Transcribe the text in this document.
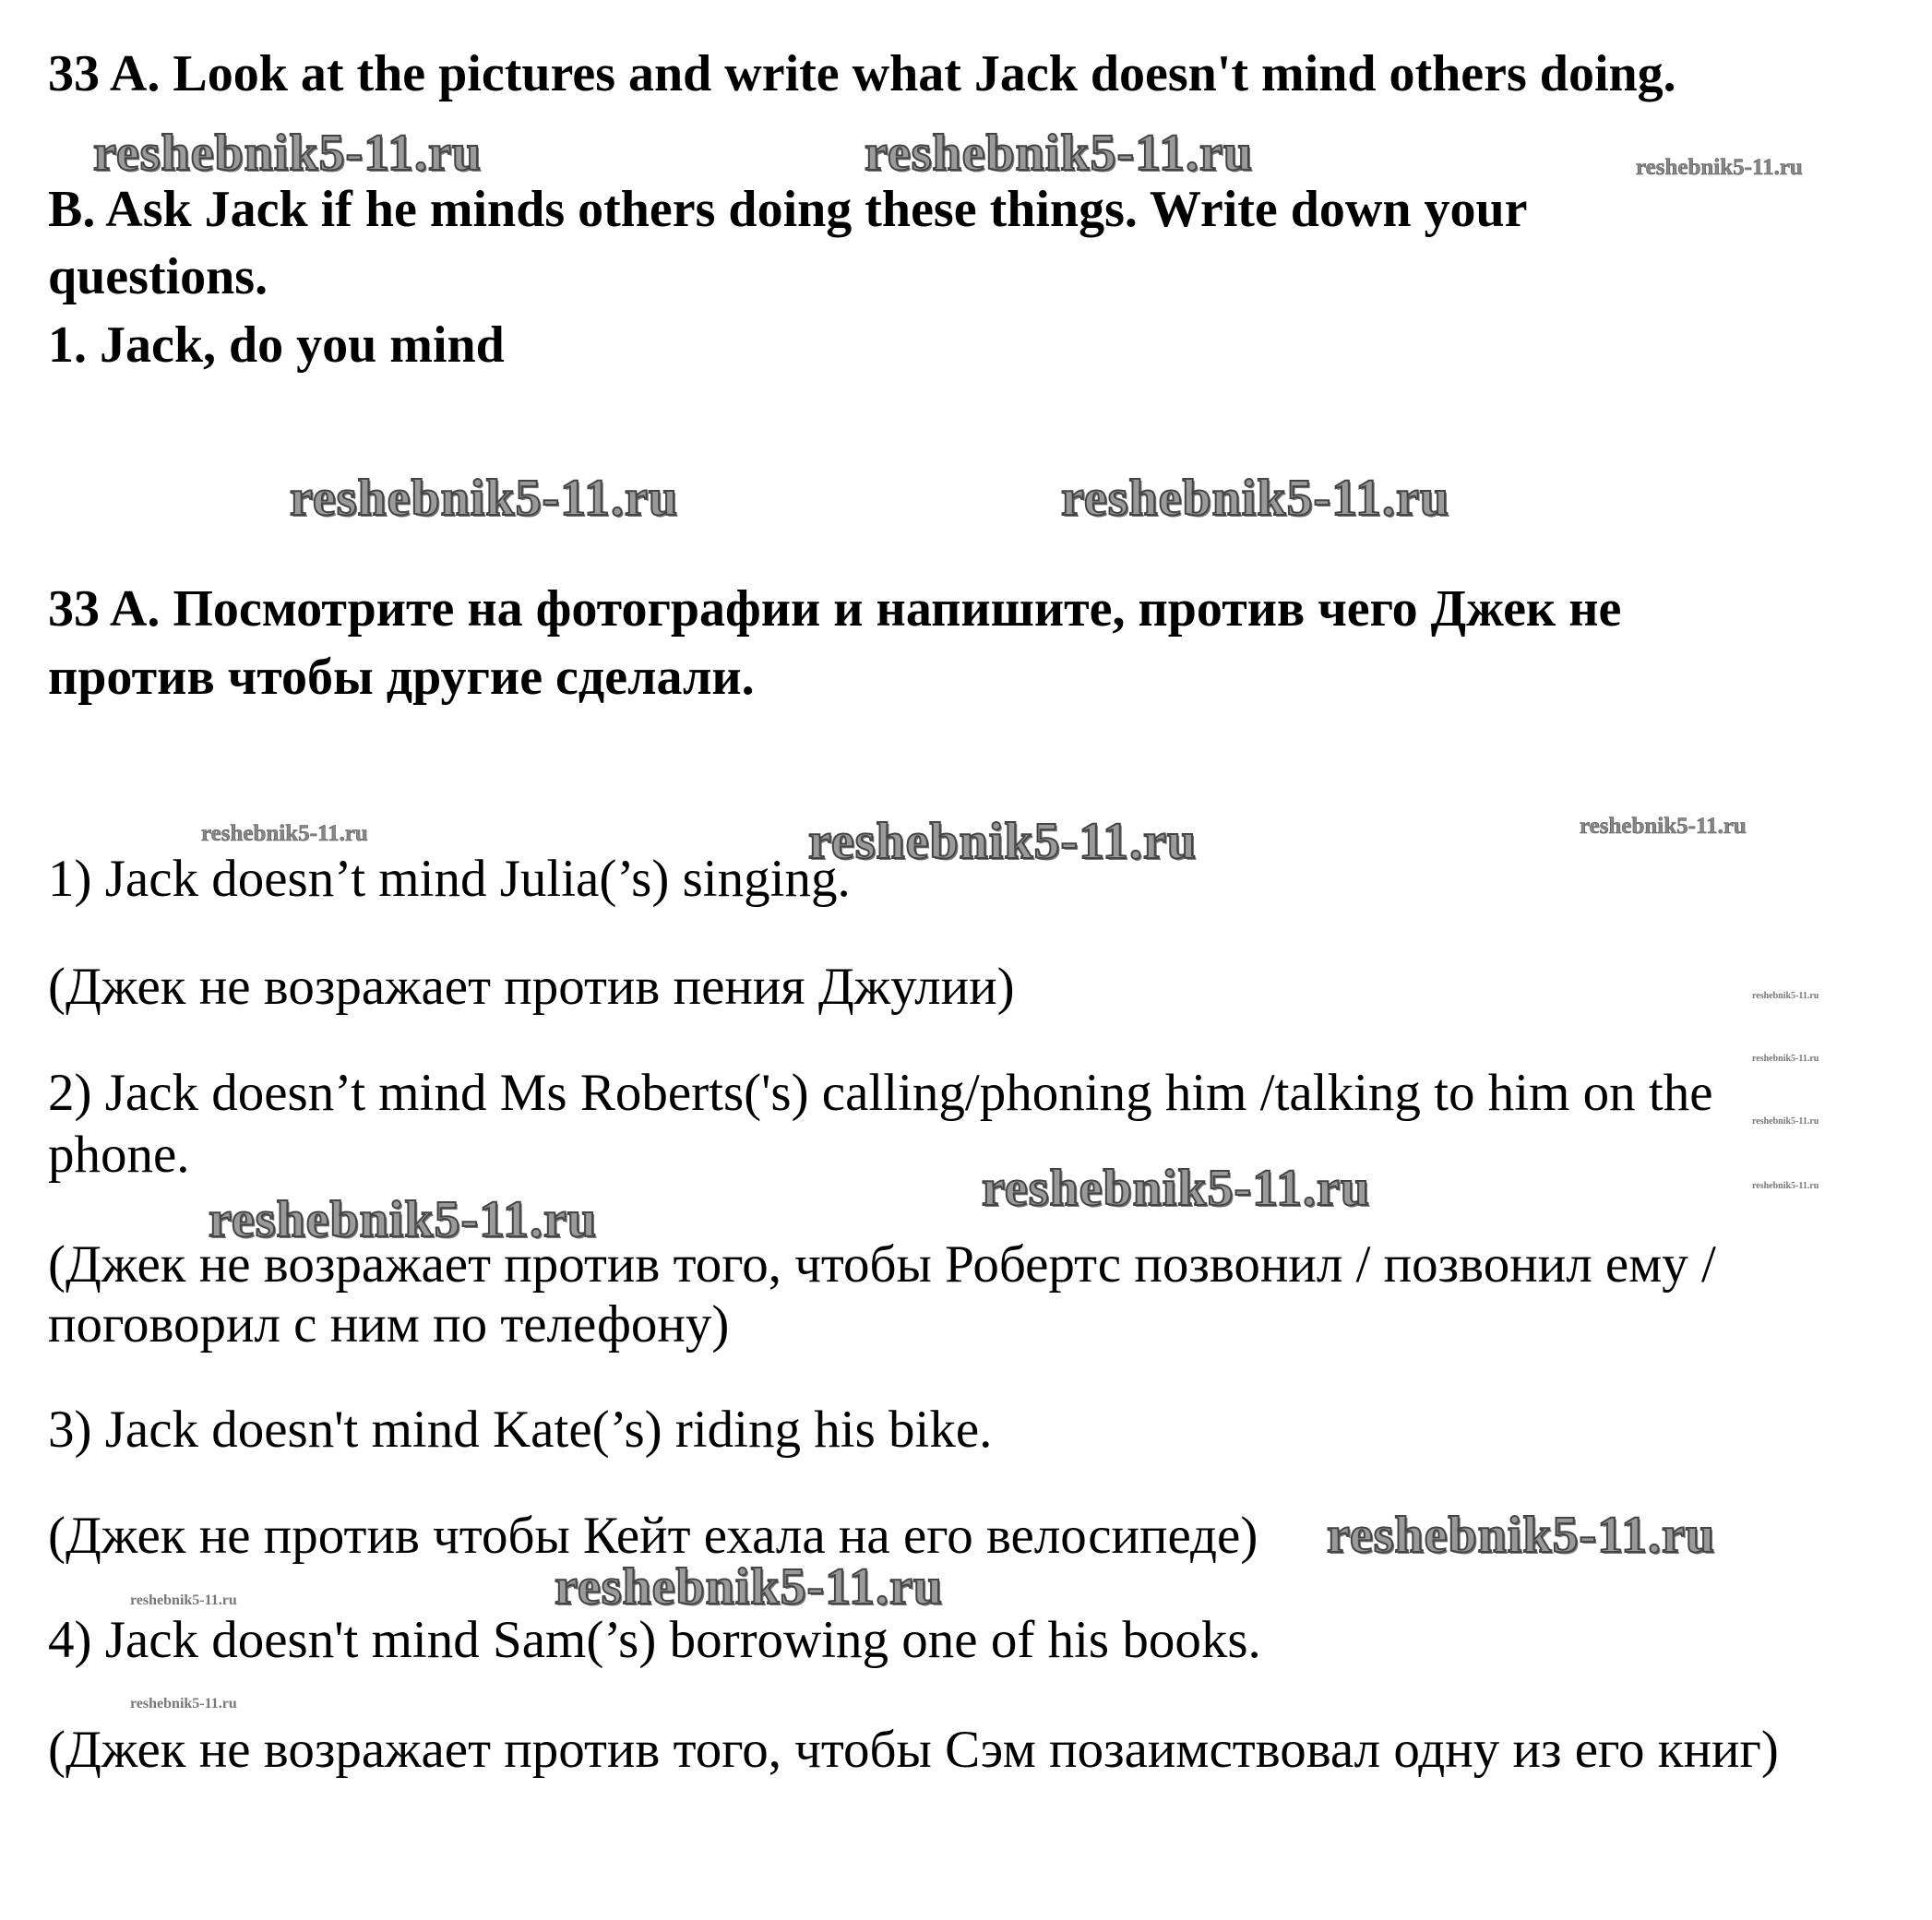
33 A. Look at the pictures and write what Jack doesn't mind others doing.
B. Ask Jack if he minds others doing these things. Write down your
questions.
1. Jack, do you mind
33 A. Посмотрите на фотографии и напишите, против чего Джек не
против чтобы другие сделали.
1) Jack doesn’t mind Julia(’s) singing.
(Джек не возражает против пения Джулии)
2) Jack doesn’t mind Ms Roberts('s) calling/phoning him /talking to him on the
phone.
(Джек не возражает против того, чтобы Робертс позвонил / позвонил ему /
поговорил с ним по телефону)
3) Jack doesn't mind Kate(’s) riding his bike.
(Джек не против чтобы Кейт ехала на его велосипеде)
4) Jack doesn't mind Sam(’s) borrowing one of his books.
(Джек не возражает против того, чтобы Сэм позаимствовал одну из его книг)
reshebnik5-11.ru	reshebnik5-11.ru	reshebnik5-11.ru
reshebnik5-11.ru	reshebnik5-11.ru
reshebnik5-11.ru	reshebnik5-11.ru	reshebnik5-11.ru
reshebnik5-11.ru
reshebnik5-11.ru
reshebnik5-11.ru
reshebnik5-11.ru
reshebnik5-11.ru
reshebnik5-11.ru
reshebnik5-11.ru
reshebnik5-11.ru
reshebnik5-11.ru
reshebnik5-11.ru
